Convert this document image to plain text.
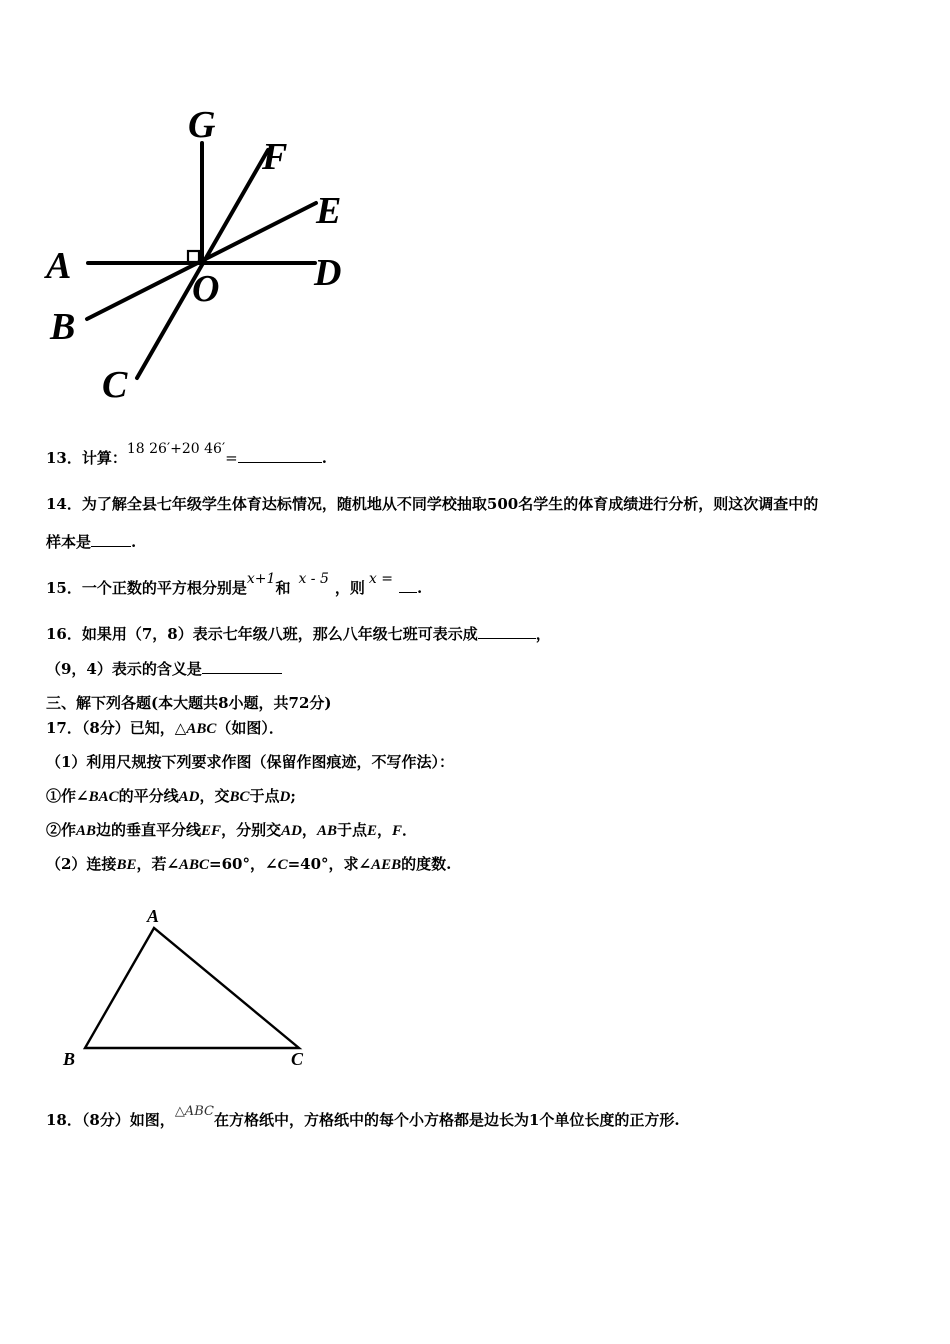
G
F
E
A	D
O
B
C
13．计算：18 26′+20 46′=	.
14．为了解全县七年级学生体育达标情况，随机地从不同学校抽取500名学生的体育成绩进行分析，则这次调查中的
样本是	.
15．一个正数的平方根分别是x+1和 x - 5 ，则 x = .
16．如果用（7，8）表示七年级八班，那么八年级七班可表示成	，
（9，4）表示的含义是
三、解下列各题(本大题共8小题，共72分)
17．（8分）已知，△ABC（如图）．
（1）利用尺规按下列要求作图（保留作图痕迹，不写作法）：
①作∠BAC的平分线AD，交BC于点D;
②作AB边的垂直平分线EF，分别交AD，AB于点E，F．
（2）连接BE，若∠ABC=60°，∠C=40°，求∠AEB的度数.
A
B	C
18．（8分）如图，△ABC在方格纸中，方格纸中的每个小方格都是边长为1个单位长度的正方形.
